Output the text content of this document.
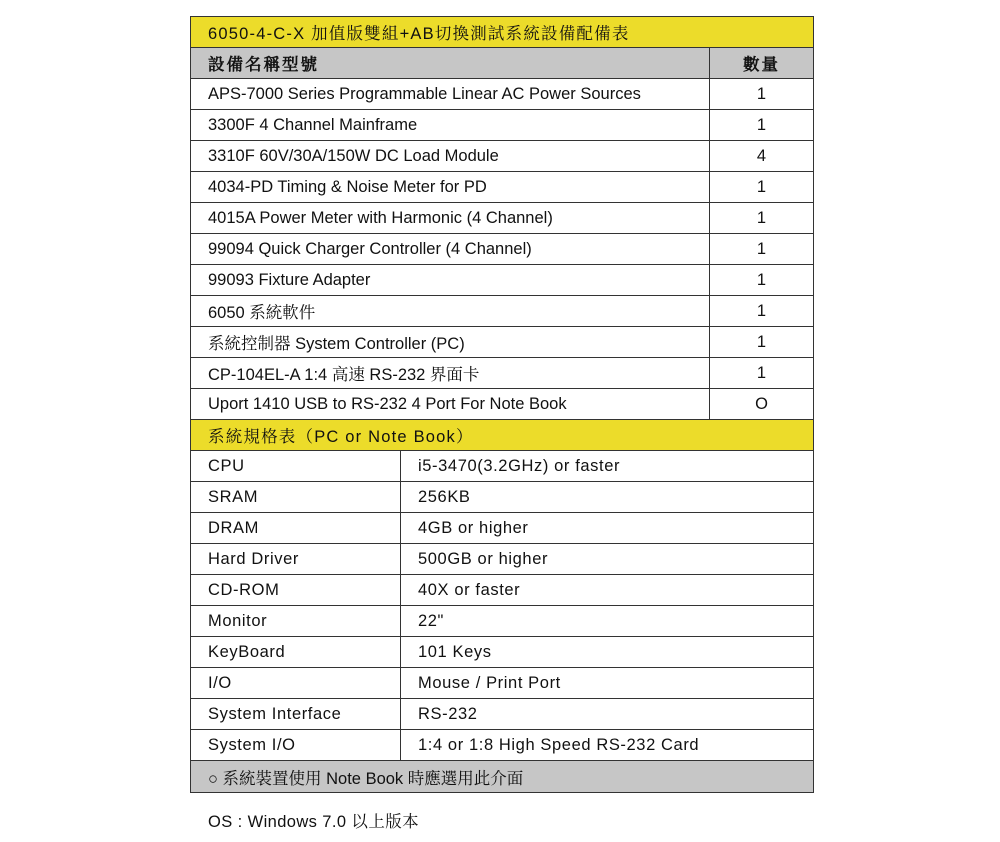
6050-4-C-X 加值版雙組+AB切換測試系統設備配備表
設備名稱型號	數量
APS-7000 Series Programmable Linear AC Power Sources	1
3300F 4 Channel Mainframe	1
3310F 60V/30A/150W DC Load Module	4
4034-PD Timing & Noise Meter for PD	1
4015A Power Meter with Harmonic (4 Channel)	1
99094 Quick Charger Controller (4 Channel)	1
99093 Fixture Adapter	1
6050 系統軟件	1
系統控制器 System Controller (PC)	1
CP-104EL-A 1:4 高速 RS-232 界面卡	1
Uport 1410 USB to RS-232 4 Port For Note Book	O
系統規格表（PC or Note Book）
CPU	i5-3470(3.2GHz) or faster
SRAM	256KB
DRAM	4GB or higher
Hard Driver	500GB or higher
CD-ROM	40X or faster
Monitor	22"
KeyBoard	101 Keys
I/O	Mouse / Print Port
System Interface	RS-232
System I/O	1:4 or 1:8 High Speed RS-232 Card
○ 系統裝置使用 Note Book 時應選用此介面
OS : Windows 7.0 以上版本
